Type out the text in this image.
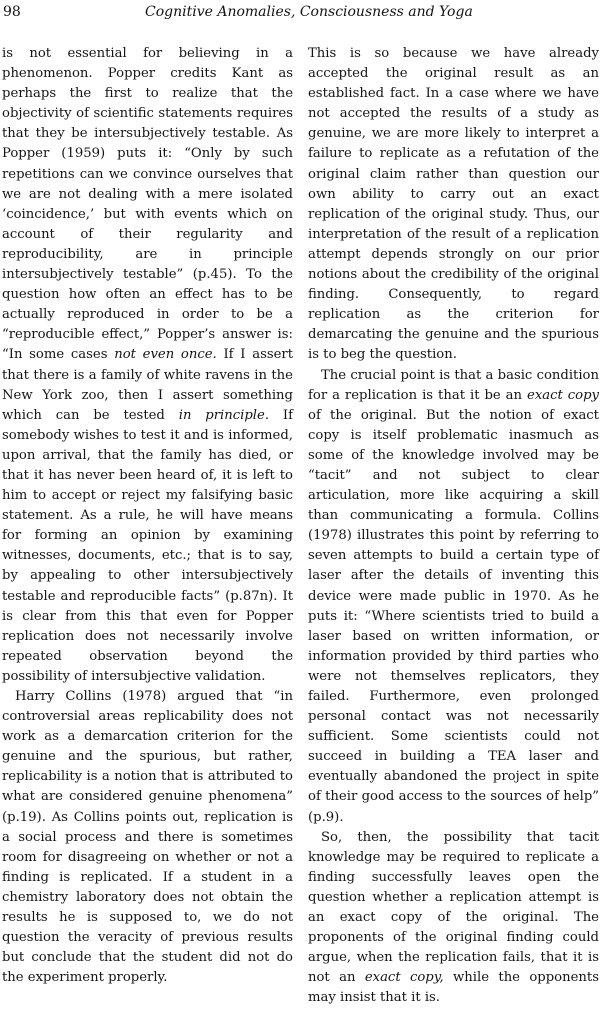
98	Cognitive Anomalies, Consciousness and Yoga

is not essential for believing in a phenomenon. Popper credits Kant as perhaps the first to realize that the objectivity of scientific statements requires that they be intersubjectively testable. As Popper (1959) puts it: “Only by such repetitions can we convince ourselves that we are not dealing with a mere isolated ‘coincidence,’ but with events which on account of their regularity and reproducibility, are in principle intersubjectively testable” (p.45). To the question how often an effect has to be actually reproduced in order to be a “reproducible effect,” Popper’s answer is: “In some cases not even once. If I assert that there is a family of white ravens in the New York zoo, then I assert something which can be tested in principle. If somebody wishes to test it and is informed, upon arrival, that the family has died, or that it has never been heard of, it is left to him to accept or reject my falsifying basic statement. As a rule, he will have means for forming an opinion by examining witnesses, documents, etc.; that is to say, by appealing to other intersubjectively testable and reproducible facts” (p.87n). It is clear from this that even for Popper replication does not necessarily involve repeated observation beyond the possibility of intersubjective validation.

Harry Collins (1978) argued that “in controversial areas replicability does not work as a demarcation criterion for the genuine and the spurious, but rather, replicability is a notion that is attributed to what are considered genuine phenomena” (p.19). As Collins points out, replication is a social process and there is sometimes room for disagreeing on whether or not a finding is replicated. If a student in a chemistry laboratory does not obtain the results he is supposed to, we do not question the veracity of previous results but conclude that the student did not do the experiment properly.

This is so because we have already accepted the original result as an established fact. In a case where we have not accepted the results of a study as genuine, we are more likely to interpret a failure to replicate as a refutation of the original claim rather than question our own ability to carry out an exact replication of the original study. Thus, our interpretation of the result of a replication attempt depends strongly on our prior notions about the credibility of the original finding. Consequently, to regard replication as the criterion for demarcating the genuine and the spurious is to beg the question.

The crucial point is that a basic condition for a replication is that it be an exact copy of the original. But the notion of exact copy is itself problematic inasmuch as some of the knowledge involved may be “tacit” and not subject to clear articulation, more like acquiring a skill than communicating a formula. Collins (1978) illustrates this point by referring to seven attempts to build a certain type of laser after the details of inventing this device were made public in 1970. As he puts it: “Where scientists tried to build a laser based on written information, or information provided by third parties who were not themselves replicators, they failed. Furthermore, even prolonged personal contact was not necessarily sufficient. Some scientists could not succeed in building a TEA laser and eventually abandoned the project in spite of their good access to the sources of help” (p.9).

So, then, the possibility that tacit knowledge may be required to replicate a finding successfully leaves open the question whether a replication attempt is an exact copy of the original. The proponents of the original finding could argue, when the replication fails, that it is not an exact copy, while the opponents may insist that it is.
